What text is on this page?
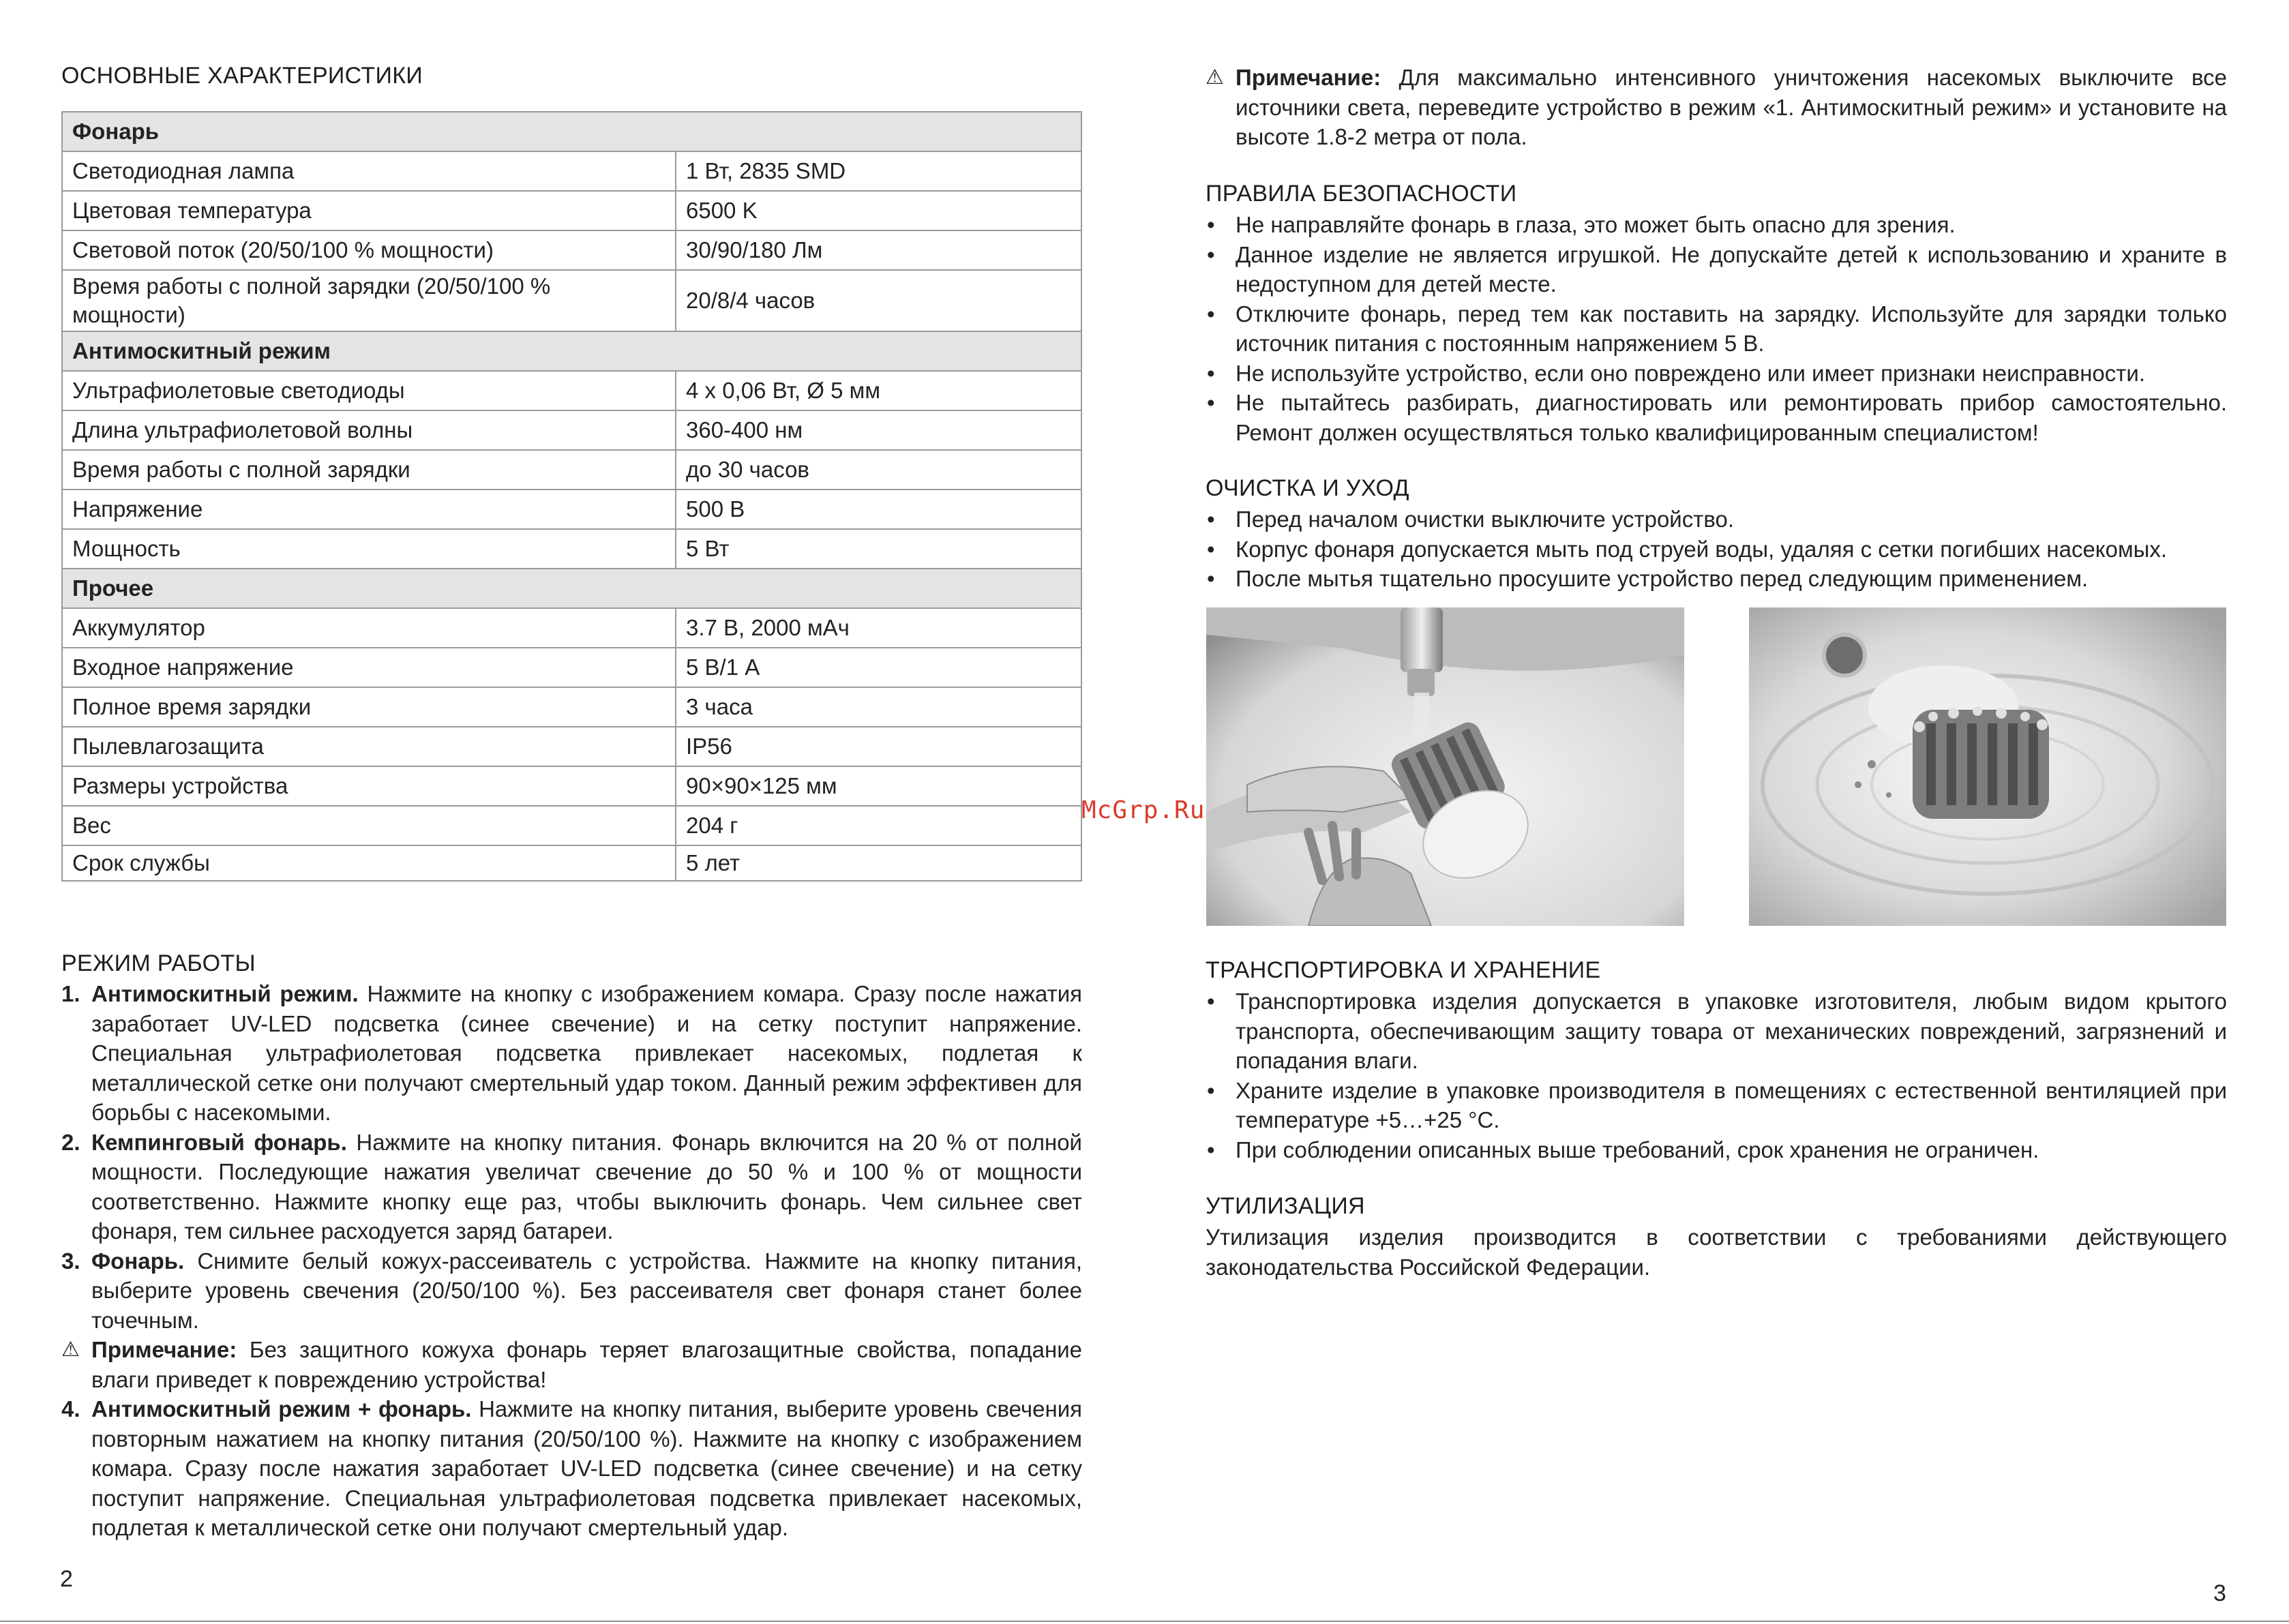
ОСНОВНЫЕ ХАРАКТЕРИСТИКИ
Фонарь	
Светодиодная лампа	1 Вт, 2835 SMD
Цветовая температура	6500 K
Световой поток (20/50/100 % мощности)	30/90/180 Лм
Время работы с полной зарядки (20/50/100 % мощности)	20/8/4 часов
Антимоскитный режим	
Ультрафиолетовые светодиоды	4 x 0,06 Вт, Ø 5 мм
Длина ультрафиолетовой волны	360-400 нм
Время работы с полной зарядки	до 30 часов
Напряжение	500 В
Мощность	5 Вт
Прочее	
Аккумулятор	3.7 В, 2000 мАч
Входное напряжение	5 В/1 А
Полное время зарядки	3 часа
Пылевлагозащита	IP56
Размеры устройства	90×90×125 мм
Вес	204 г
Срок службы	5 лет
РЕЖИМ РАБОТЫ
1. Антимоскитный режим. Нажмите на кнопку с изображением комара. Сразу после нажатия заработает UV-LED подсветка (синее свечение) и на сетку поступит напряжение. Специальная ультрафиолетовая подсветка привлекает насекомых, подлетая к металлической сетке они получают смертельный удар током. Данный режим эффективен для борьбы с насекомыми.
2. Кемпинговый фонарь. Нажмите на кнопку питания. Фонарь включится на 20 % от полной мощности. Последующие нажатия увеличат свечение до 50 % и 100 % от мощности соответственно. Нажмите кнопку еще раз, чтобы выключить фонарь. Чем сильнее свет фонаря, тем сильнее расходуется заряд батареи.
3. Фонарь. Снимите белый кожух-рассеиватель с устройства. Нажмите на кнопку питания, выберите уровень свечения (20/50/100 %). Без рассеивателя свет фонаря станет более точечным.
⚠ Примечание: Без защитного кожуха фонарь теряет влагозащитные свойства, попадание влаги приведет к повреждению устройства!
4. Антимоскитный режим + фонарь. Нажмите на кнопку питания, выберите уровень свечения повторным нажатием на кнопку питания (20/50/100 %). Нажмите на кнопку с изображением комара. Сразу после нажатия заработает UV-LED подсветка (синее свечение) и на сетку поступит напряжение. Специальная ультрафиолетовая подсветка привлекает насекомых, подлетая к металлической сетке они получают смертельный удар.
2
⚠ Примечание: Для максимально интенсивного уничтожения насекомых выключите все источники света, переведите устройство в режим «1. Антимоскитный режим» и установите на высоте 1.8-2 метра от пола.
ПРАВИЛА БЕЗОПАСНОСТИ
• Не направляйте фонарь в глаза, это может быть опасно для зрения.
• Данное изделие не является игрушкой. Не допускайте детей к использованию и храните в недоступном для детей месте.
• Отключите фонарь, перед тем как поставить на зарядку. Используйте для зарядки только источник питания с постоянным напряжением 5 В.
• Не используйте устройство, если оно повреждено или имеет признаки неисправности.
• Не пытайтесь разбирать, диагностировать или ремонтировать прибор самостоятельно. Ремонт должен осуществляться только квалифицированным специалистом!
ОЧИСТКА И УХОД
• Перед началом очистки выключите устройство.
• Корпус фонаря допускается мыть под струей воды, удаляя с сетки погибших насекомых.
• После мытья тщательно просушите устройство перед следующим применением.
ТРАНСПОРТИРОВКА И ХРАНЕНИЕ
• Транспортировка изделия допускается в упаковке изготовителя, любым видом крытого транспорта, обеспечивающим защиту товара от механических повреждений, загрязнений и попадания влаги.
• Храните изделие в упаковке производителя в помещениях с естественной вентиляцией при температуре +5…+25 °C.
• При соблюдении описанных выше требований, срок хранения не ограничен.
УТИЛИЗАЦИЯ
Утилизация изделия производится в соответствии с требованиями действующего законодательства Российской Федерации.
3
McGrp.Ru
